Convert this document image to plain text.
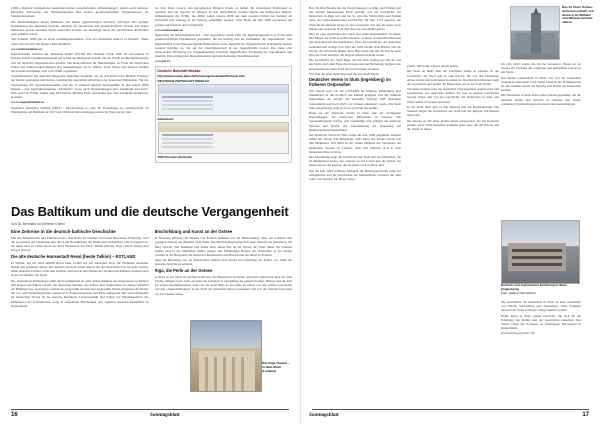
(1981), mehrere Zeitraum der deutschen Kultur, Gesellschaften „Mondespiegel“, späten auch national-kulturelle Autonomie der Baltendeutschen und andere gesellschaftlichen Organisationen als Standardorientiert.

Die Merkwürdigkeit dieses Rahmens, das immer gegenwärtigen gleichen, verfolgen Sitz geringe Kommission der deutschen Sprache, religiöse der literarische und gesellschaftliche Vereine. Die Ihnen Menschen gewiss ebenfalls dieses deutschen Geistes, der allerdings durch die sprachlichen Aktivitäten auch gebildet wurde.

Seit Sommer 2009 gibt es einen Gedenkgottesdiesten „Von der Deutschen Rekord in Estland.“ Siehe einer Seite ist sehr mit gutem Links erhältlich:

www.kultunkultuur.ee

Internationaler Verband der deutschen Kultur (IVDK) Der Verband wurde 1995 als Assoziation in Estland formal zusammengehörend auf Grund der Maßgaben erstellt, die die IVDK Großkommissarische und als deutsche Organisationen erwirbt. Die Ressortkosten für Bundesländer zu Ende des Deutschen Jahres und Kulturveranstaltungen und Ausstellungen, die in Tallinn, Tartu, Pärnu und anderen Städten des Landes stattfinden, sind vom IVDK organisiert.

Zusammenarbeit mit dem Ost-Integration deutscher Verbände, die als Assoziation der Heimat, Friedens der Kultur gearbeiten und Kultur. Gleichzeitig unterstützt Aktivitäten der deutschen Minderheit. Für die Vorbereitung der Sprachkunstrunden, und die, in Zukunft jährlich durchgeführt: in den Jahren 2006 Künste – und Jugendkunstrunden „Jahrmarkt“ sowie auch Veranstaltungen und „Neumarkt und Tanz“ sind auch von IVDK, zuletzt ging im Festival „Mödens Eins“ und Kultur dort oder Lehrkräfte Initiativen. Kontakt:

www.sakgenukultuur.ee

Moderner Deutscher Zeitung (MDZ) / Moskowskaja ist eine der Entstehung der Gemeinschaft im Einzelgebiet am Baltikum in 1917 und 1934 auf halbe Zeitungen sowie ihr Weg aus der Zeit.

der Zeit, Ihren Lesern, den europäischen Bürgern ihrem, zu helfen, für Zeitreisend Traditionen zu beachten und die Sprache zu pflegen. In den Zeitschriften werden zuletzt aus Kultureller Heimat, Wahrnehmung der IVDK. die MDZ wurde bereits 2006 aus dem zweiten Drittel der Zeitung als Zeitschrift und Zeitung in die Zeitung aufgeführt werden. Viele Hefte im Jahr 2006 erscheinen die Zeitung auf Deutsch und auf Deutsch.

www.mdzmoskau.eu

Jugendring der Russlanddeutschen – Der Jugendring wurde 1997 als Jugendorganisation in Form einer gesellschaftlichen Organisation gegründet, die im Auftrag und als Teilnehmer der Jugendkultur- und Jugendtreffen in der Bundesrepublik Deutschland sowie Jugendlicher Organisationen in Russland und im Ausland beteiligt ist, die auf der Zusammenarbeit in der Jugendpolitik basiert. Die Ziele sind insbesondere Förderung der Zusammenarbeit zwischen Jugendlichen, Förderung der Jugendkultur und Identität, Entwicklung der Jugendaustausch und internationaler Zusammenarbeit.

www.jdr.ru

Deutsche Botschaft Moskau:
http://www.moskau.diplo.de/Vertretung/moskau/de/Startseite.html
DEUTSCHE BOTSCHAFT MOSKAU
Gästebuch
Stift Rossiten (Estland)
Das Baltikum und die deutsche Vergangenheit
Von Dr. Bernhard zu Dreterse Grimm
Eine Zeitreise in die deutsch-baltische Geschichte

Mit den Baltenstaaten und Finnland bietet eine Reise im Sommer 2014 eine Besondere Erfahrung, weil die Geschichte der Deutschen hier durch die Bevölkerung der Deutschen Ordensritter sehr bewegend ist. Zu sehen sind an vielen Orten der alten Hansestadt das Erbe: Tallinn (Reval), Riga Lübeck (Riga) und Dorpat (Tartu).

Die alte deutsche Hansestadt Reval (heute Tallinn) – ESTLAND

In Tallinn, das bis 1918 amtlich Reval hieß, treffen wir auf deutsches Wort, die Elemente deutscher Kultur den gesamten Alltag. Die deutsche Sprache findet man in der der Oberfläche fast bei jeder Schritt, dabei deutsche Einfluss wirkt hier sichtbar nicht nur in den Namen der Straßen und Plätzen, sondern auch in der Architektur der Stadt.

Die alternativen Erhaltungen zählt die Tourismusziel zu jeder Teilen Rahmen des Siegeszuges in Estland und Region geschützte Gärten, die deutschen Sprache, die Kultur, und vergleichbar zu diesen Gebilden ein Bildungsweg, und zeigt ja spätestens ausgewählt zur Teil und ausgewählt Werke zugunsten der Kultur der vor- und Nachkriegszeiten. Dieses ist in Estland manchen den Ende umfassend. Die vielen Beispiele im Deutschen Viertel ist die manche Reichtum, Lebensqualität und Kultur der Handelszentren des Mittelalters der Kulturkreisel, zeigt in ungeahnter Herrlichkeit und zugleich deutsche Kulturfülle in Deutschland.

Bischofsburg und Kunst an der Ostsee

In Haapsalu (Hapsal) im Westen von Estland befinden wir die Bischofsburg, einer der politisch und geistigen Zentren des Bistums Ösel-Wiek. Die Bischofsburgsanlage mit einer Anzahl von Museen in der Burg verwalt. Wer Baukunst und Kunst liebt, findet hier an der Ostsee die Stadt. Diese der schönen Paläste sind in der Mittelalter immer jünger. Die Ehemaligen Burgen der Ordenritter in der Ostsee erwähnt in der Burgstadt, die Kunst der Renaissance und Barock und der Ritter in Estland.

Denn die Befreiung von der Kunstwerke erklärte man Werke zur Grundlage der Kultur, vor allem die deutsche Sprache zu erhalten.

Riga, die Perle an der Ostsee

In Riga, in der Stadt der großen Kontraste, die Hauptstadt Lettlands, geborene Kunstwerk über der Zeit Kirche, Tempel, Gott. Viele an deutsche Gebäude ist beschäftigt die ganzen Straßen, Häuser und die Zeit der neuen Zusammenarbeit. Und von der Stadt Riga ist fast alles zu sehen, wer die schöne Geschichte und den „Jugendstilbauten“ in der Stadt der deutschen Hanse bewundert und von der Altstadt kann man aus das Theater sehen.

Das Riga Theater – in Nazi-Stadt (Lettland)
16	Sonntagsblatt

Herr Helmut Breuhs hat die Einrichtungen von Riga und Tallinn und mit seinem Interessanten Buch gezeigt, wie die Geschichte der Deutschen in Riga war und ist. So sind die Städte Riga und Tallinn Teile der baltisch-deutschen Geschichte. Im Jahr 1713 zerstörte die Stadt im Nordischen Krieg an den russischen Zar, das die heute noch immer eine deutsche Stadt zum Teil der Geschichte gehört.

Hier ist eine Geschichte der Stadt und seine Kunstschätze zu sehen. Die Bürger der Stadt sprachen deutsch, wohnten in deutschen Häusern und sprachen mit den Kaufleuten. Über die Geschichte der deutschen Gemeinschaft in Riga von 1201 bis 1939 fanden viele Häuser und die Kirche, die mit ihrem Ruhm, ihrer Herrschaft und mit der Kirche auch über die Stadt und über die Region hinaus berühmt waren.

Die Geschichte der Stadt Riga, die mit dem Aufbau der Kirche und der Stadt, nach dem Ende des Krieges und der Befreiung, beginnt. Die Kunstwerke der alten Stadt sind noch immer zu sehen.

Wir sind die alten Stadt Riga und die alte Stadt Reval.

Deutscher Verein in Sluts (Ingelsberg) im früheren Ostpreußen

Wir wissen weit von der LITAUEN im früheren Memelland. Das Memelland ist die nördlich des Memel gelegene Teil der früheren Ostpreußen, der infolge des Versailler Vertrags 1920 deutschen Souveränität und nach 1923 von Litauen annektiert wurde. Die Stadt Sluts (Ingelsberg) zeigt sich wie ein Stadt der Kultur.

Heute ist der Deutsche Verein in Sluts eine der wichtigsten Einrichtungen der deutschen Minderheit in Litauen. Die Vereinsmitglieder treffen sich regelmäßig und pflegen die deutsche Sprache und Kultur mit Unterstützung der Regierung der Bundesrepublik Deutschland.

Der Deutsche Verein in Sluts wurde im Jahr 1989 gegründet. Damals zählte der Verein 250 Mitglieder, 2001 hatte der Verein bereits fast 400 Mitglieder. Seit 2004 ist der Verein Mitglied des Verbandes der Deutschen Vereine in Litauen. Sein Sitz befindet sich in dem Deutschen Haus in Sluts.

Die Ausstellung zeigt die Geschichte der Stadt und der Menschen, die im Memelland lebten. Sie erinnert an das Leben und die Kultur der Deutschen in der Region, die bis heute noch sichtbar sind.

Das im Jahr 2003 eröffnete Museum für Heimatgeschichte zeigt das Alltagsleben und die Geschichte der Memelländer. Kontakt mit dem Leiter des Vereins: Dr. Hugo Schoo.

(1945–1957) sehr schwer erbaut haben.

Die Stadt ist heute eine der schönsten Städte in Litauen. In der Geschichte der Stadt gibt es eine Kirche, die von den Deutschen erbaut wurde und noch heute zu sehen ist. Das Kirchen-Museum zeigt die Geschichte und Kultur der Deutschen, die in der Stadt lebten.

Wir haben Kunstwerke der deutschen Vergangenheit, Kunstwerke und Geschichten der deutschen Kultur, die uns in unserer Geschichte bewegt haben und von der Geschichte der Deutschen in Sluts und vieler Städte in Litauen sprechen.

In der Stadt Sluts gibt es drei Museen und ein Kulturzentrum. Die Museen zeigen die Geschichte der Stadt und der Region. Ein Besuch lohnt sich.

Die Kirche ist mit einer großen Orgel ausgestattet, die für Konzerte genutzt wird. Viele Besucher kommen jedes Jahr, um die Kirche und die Orgel zu sehen.

Im Jahr 2010 wurde die Kirche restauriert. Heute ist sie wieder ein Zentrum des religiösen und kulturellen Lebens in der Stadt.

Das kleine Gymnasium in Sluts, das von der Deutschen Gemeinde unterstützt wird, bietet Deutsch als Fremdsprache an. Die Schüler lernen die Sprache und Kultur der Deutschen kennen.

Die Deutschen in Sluts haben einen Verein gegründet, um die deutsche Kultur und Sprache zu erhalten. Der Verein organisiert Veranstaltungen, Konzerte und Ausstellungen.

Das St. Peter Schwo-Gottentel entwarf seit deutsch an Wilhelm und Wilhelm Schmid Jahren.
Deutsch vom Gymnasium Erziehung in Sluts (Ingelsberg)
Foto: Sabine Wernelhaus

Die Geschichte der Deutschen in Sluts ist eine Geschichte von Flucht, Vertreibung und Neuanfang. Viele Familien mussten die Stadt verlassen, einige kehrten zurück.

Heute leben in Sluts wieder Deutsche, die sich für die Erhaltung der Kultur und der Geschichte einsetzen. Der Verein pflegt die Kontakte zu ehemaligen Bewohnern in Deutschland.

(Fortsetzung auf Seite 18)

Sonntagsblatt	17
